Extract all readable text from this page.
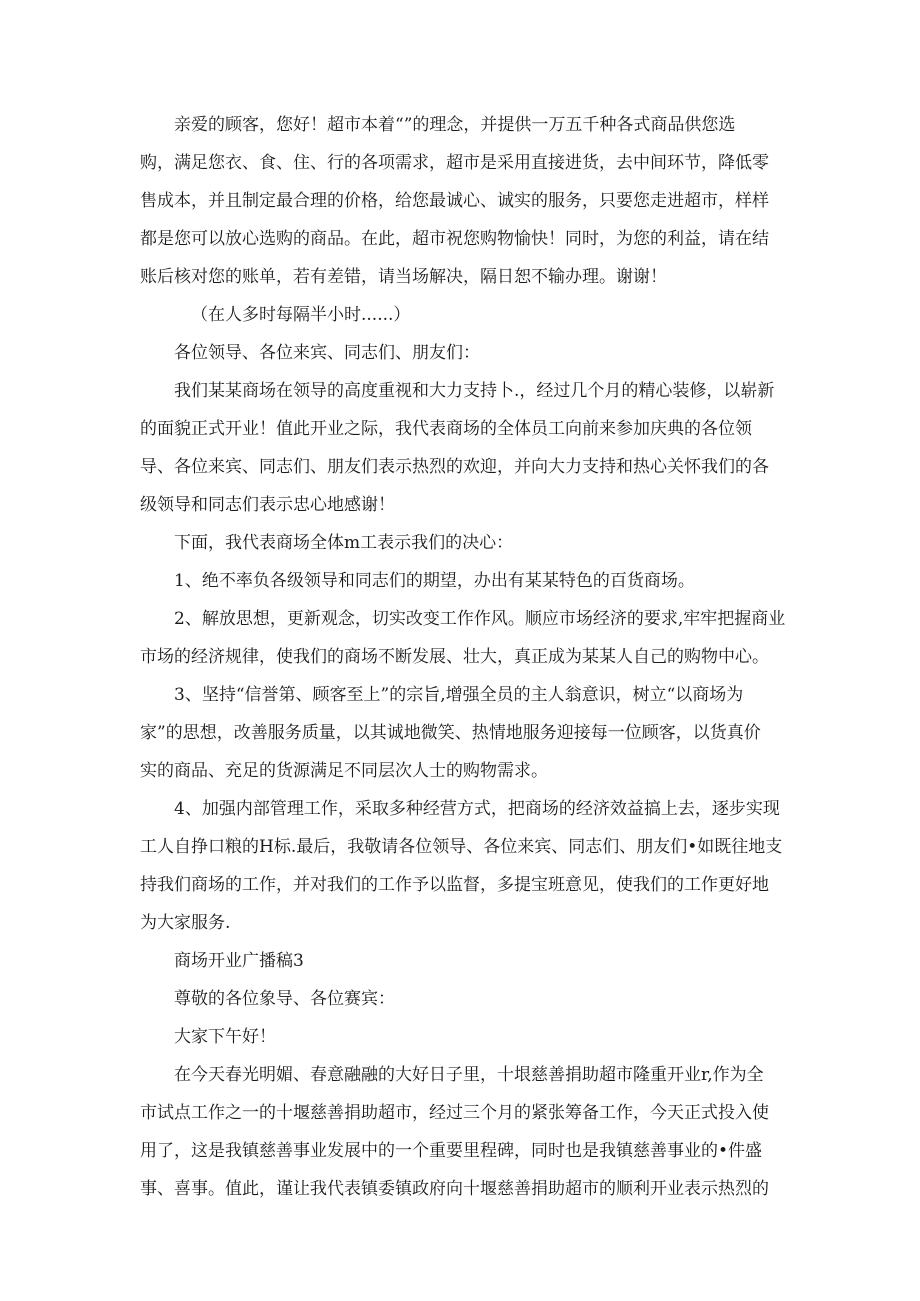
亲爱的顾客，您好！超市本着“”的理念，并提供一万五千种各式商品供您选
购，满足您衣、食、住、行的各项需求，超市是采用直接进货，去中间环节，降低零
售成本，并且制定最合理的价格，给您最诚心、诚实的服务，只要您走进超市，样样
都是您可以放心选购的商品。在此，超市祝您购物愉快！同时，为您的利益，请在结
账后核对您的账单，若有差错，请当场解决，隔日恕不输办理。谢谢！
（在人多时每隔半小时......）
各位领导、各位来宾、同志们、朋友们：
我们某某商场在领导的高度重视和大力支持卜.，经过几个月的精心装修，以崭新
的面貌正式开业！值此开业之际，我代表商场的全体员工向前来参加庆典的各位领
导、各位来宾、同志们、朋友们表示热烈的欢迎，并向大力支持和热心关怀我们的各
级领导和同志们表示忠心地感谢！
下面，我代表商场全体m工表示我们的决心：
1、绝不率负各级领导和同志们的期望，办出有某某特色的百货商场。
2、解放思想，更新观念，切实改变工作作风。顺应市场经济的要求,牢牢把握商业
市场的经济规律，使我们的商场不断发展、壮大，真正成为某某人自己的购物中心。
3、坚持“信誉第、顾客至上”的宗旨,增强全员的主人翁意识，树立“以商场为
家”的思想，改善服务质量，以其诚地微笑、热情地服务迎接每一位顾客，以货真价
实的商品、充足的货源满足不同层次人士的购物需求。
4、加强内部管理工作，采取多种经营方式，把商场的经济效益搞上去，逐步实现
工人自挣口粮的H标.最后，我敬请各位领导、各位来宾、同志们、朋友们•如既往地支
持我们商场的工作，并对我们的工作予以监督，多提宝班意见，使我们的工作更好地
为大家服务.
商场开业广播稿3
尊敬的各位象导、各位赛宾：
大家下午好！
在今天春光明媚、春意融融的大好日子里，十垠慈善捐助超市隆重开业r,作为全
市试点工作之一的十堰慈善捐助超市，经过三个月的紧张筹备工作，今天正式投入使
用了，这是我镇慈善事业发展中的一个重要里程碑，同时也是我镇慈善事业的•件盛
事、喜事。值此，谨让我代表镇委镇政府向十堰慈善捐助超市的顺利开业表示热烈的
